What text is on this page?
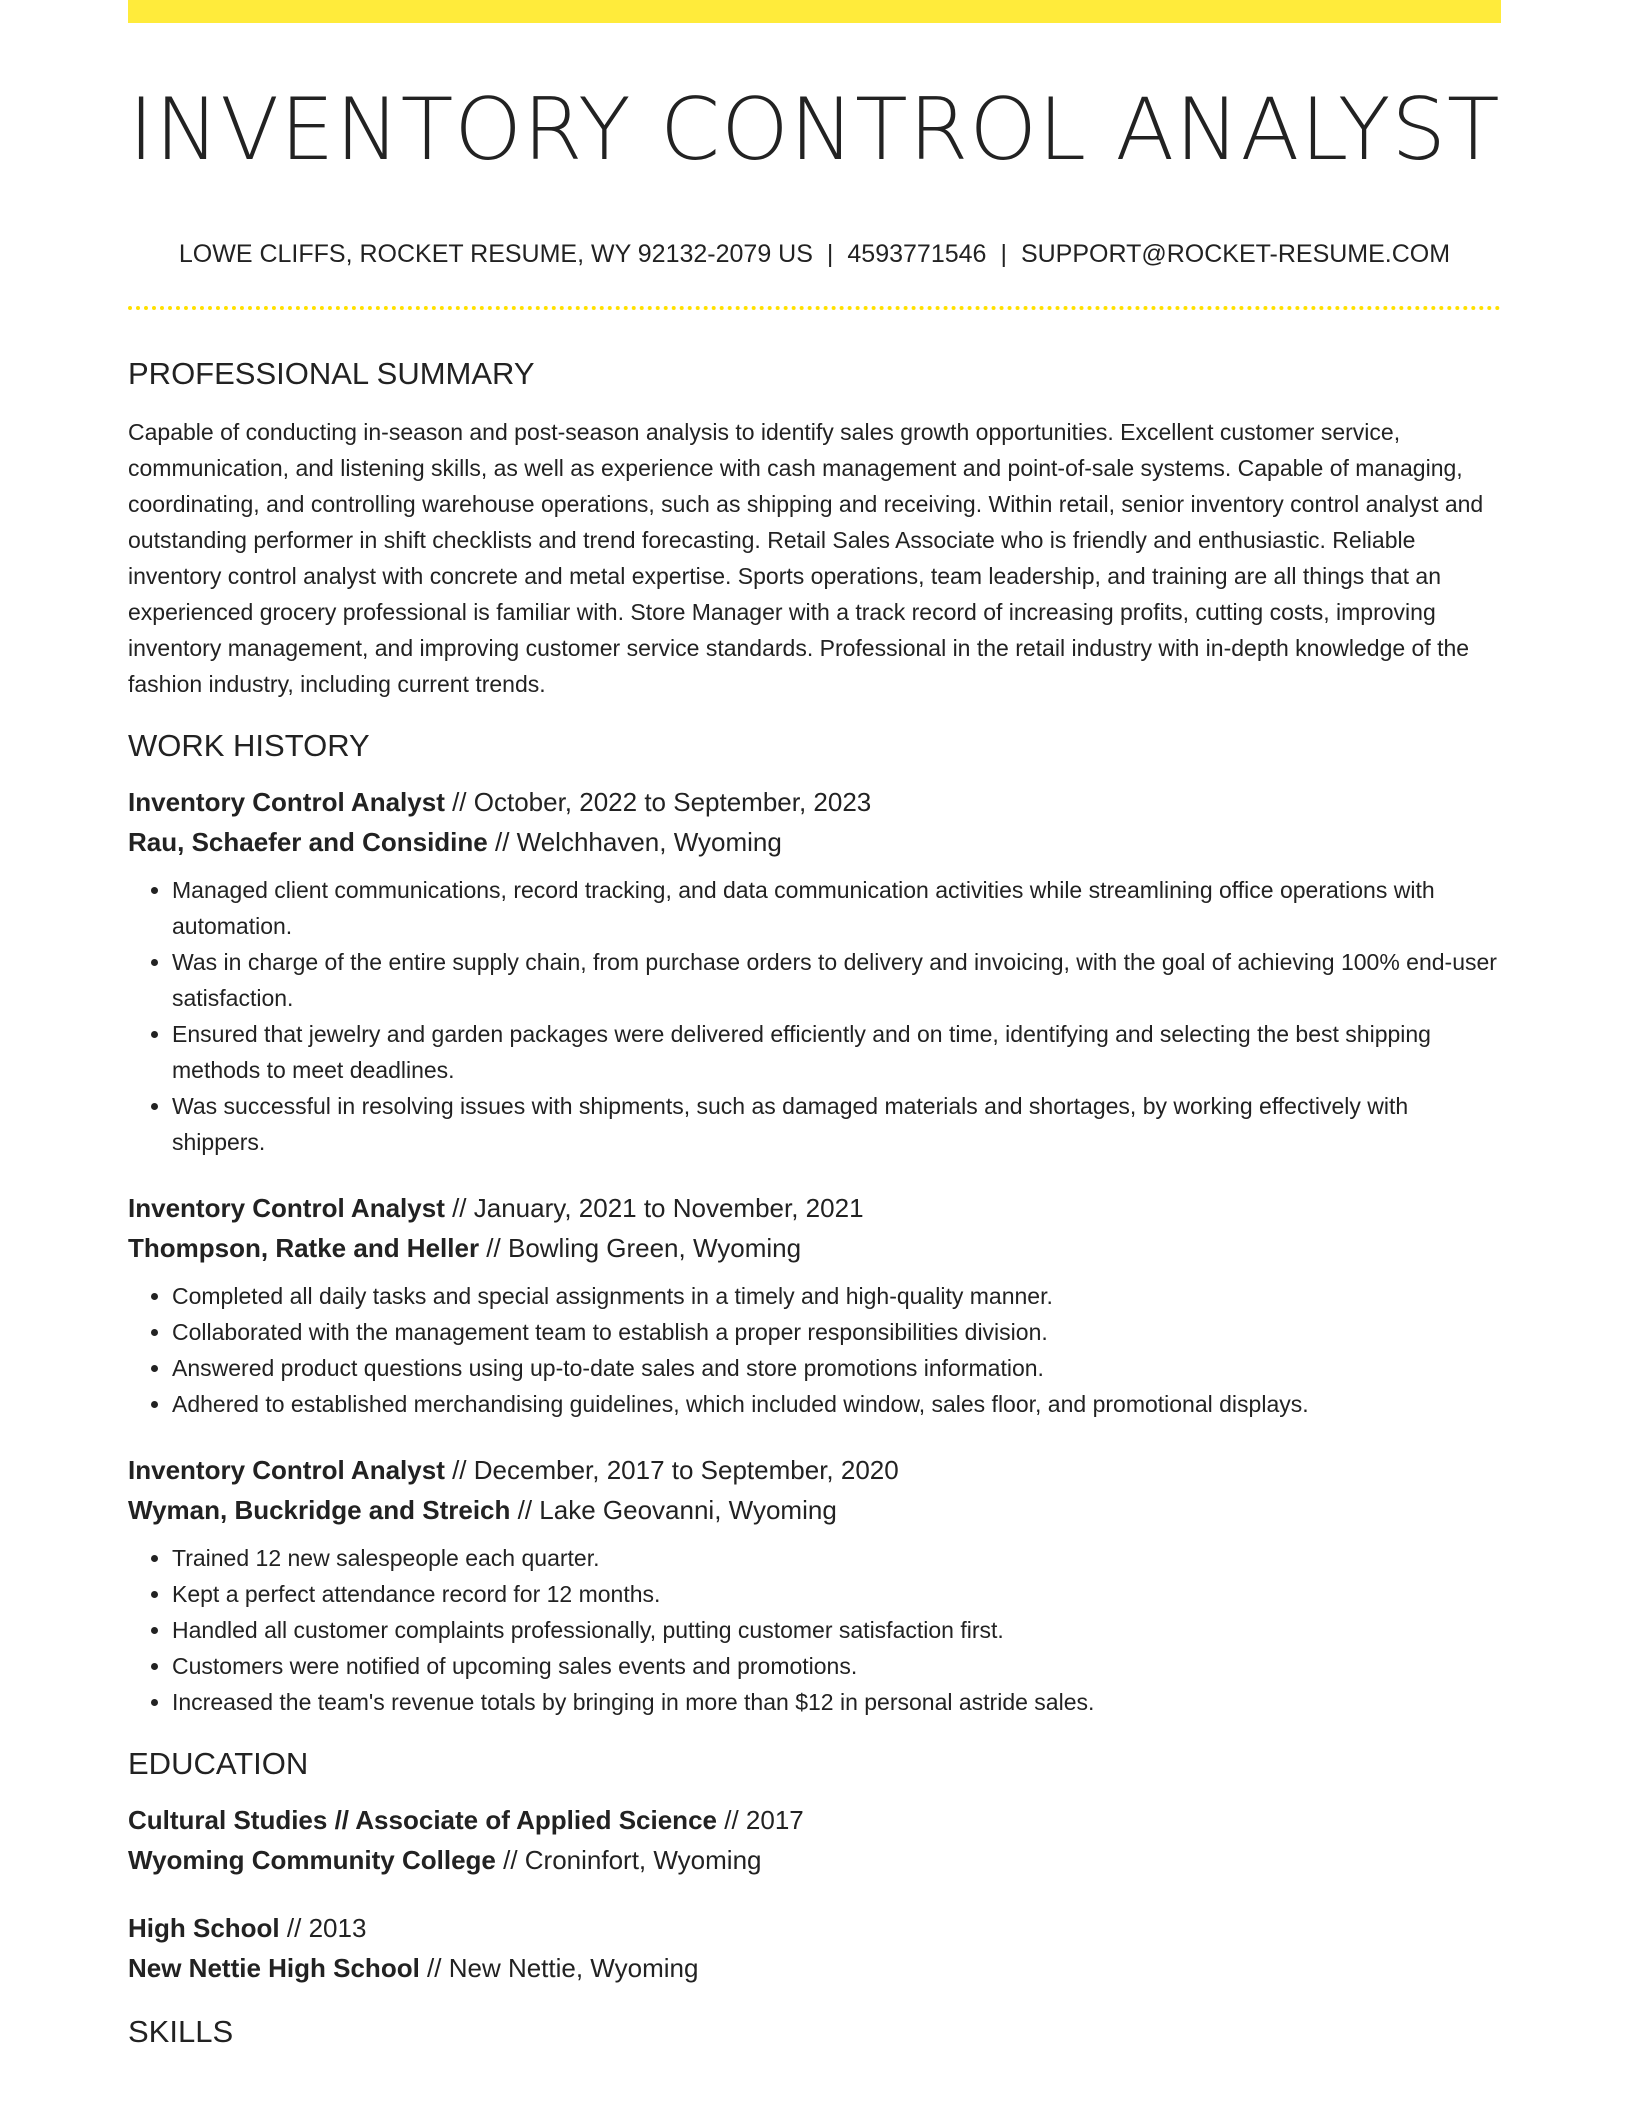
INVENTORY CONTROL ANALYST
LOWE CLIFFS, ROCKET RESUME, WY 92132-2079 US | 4593771546 | SUPPORT@ROCKET-RESUME.COM
PROFESSIONAL SUMMARY

Capable of conducting in-season and post-season analysis to identify sales growth opportunities. Excellent customer service, communication, and listening skills, as well as experience with cash management and point-of-sale systems. Capable of managing, coordinating, and controlling warehouse operations, such as shipping and receiving. Within retail, senior inventory control analyst and outstanding performer in shift checklists and trend forecasting. Retail Sales Associate who is friendly and enthusiastic. Reliable inventory control analyst with concrete and metal expertise. Sports operations, team leadership, and training are all things that an experienced grocery professional is familiar with. Store Manager with a track record of increasing profits, cutting costs, improving inventory management, and improving customer service standards. Professional in the retail industry with in-depth knowledge of the fashion industry, including current trends.

WORK HISTORY
Inventory Control Analyst // October, 2022 to September, 2023
Rau, Schaefer and Considine // Welchhaven, Wyoming
• Managed client communications, record tracking, and data communication activities while streamlining office operations with automation.
• Was in charge of the entire supply chain, from purchase orders to delivery and invoicing, with the goal of achieving 100% end-user satisfaction.
• Ensured that jewelry and garden packages were delivered efficiently and on time, identifying and selecting the best shipping methods to meet deadlines.
• Was successful in resolving issues with shipments, such as damaged materials and shortages, by working effectively with shippers.
Inventory Control Analyst // January, 2021 to November, 2021
Thompson, Ratke and Heller // Bowling Green, Wyoming
• Completed all daily tasks and special assignments in a timely and high-quality manner.
• Collaborated with the management team to establish a proper responsibilities division.
• Answered product questions using up-to-date sales and store promotions information.
• Adhered to established merchandising guidelines, which included window, sales floor, and promotional displays.
Inventory Control Analyst // December, 2017 to September, 2020
Wyman, Buckridge and Streich // Lake Geovanni, Wyoming
• Trained 12 new salespeople each quarter.
• Kept a perfect attendance record for 12 months.
• Handled all customer complaints professionally, putting customer satisfaction first.
• Customers were notified of upcoming sales events and promotions.
• Increased the team's revenue totals by bringing in more than $12 in personal astride sales.
EDUCATION
Cultural Studies // Associate of Applied Science // 2017
Wyoming Community College // Croninfort, Wyoming
High School // 2013
New Nettie High School // New Nettie, Wyoming
SKILLS
